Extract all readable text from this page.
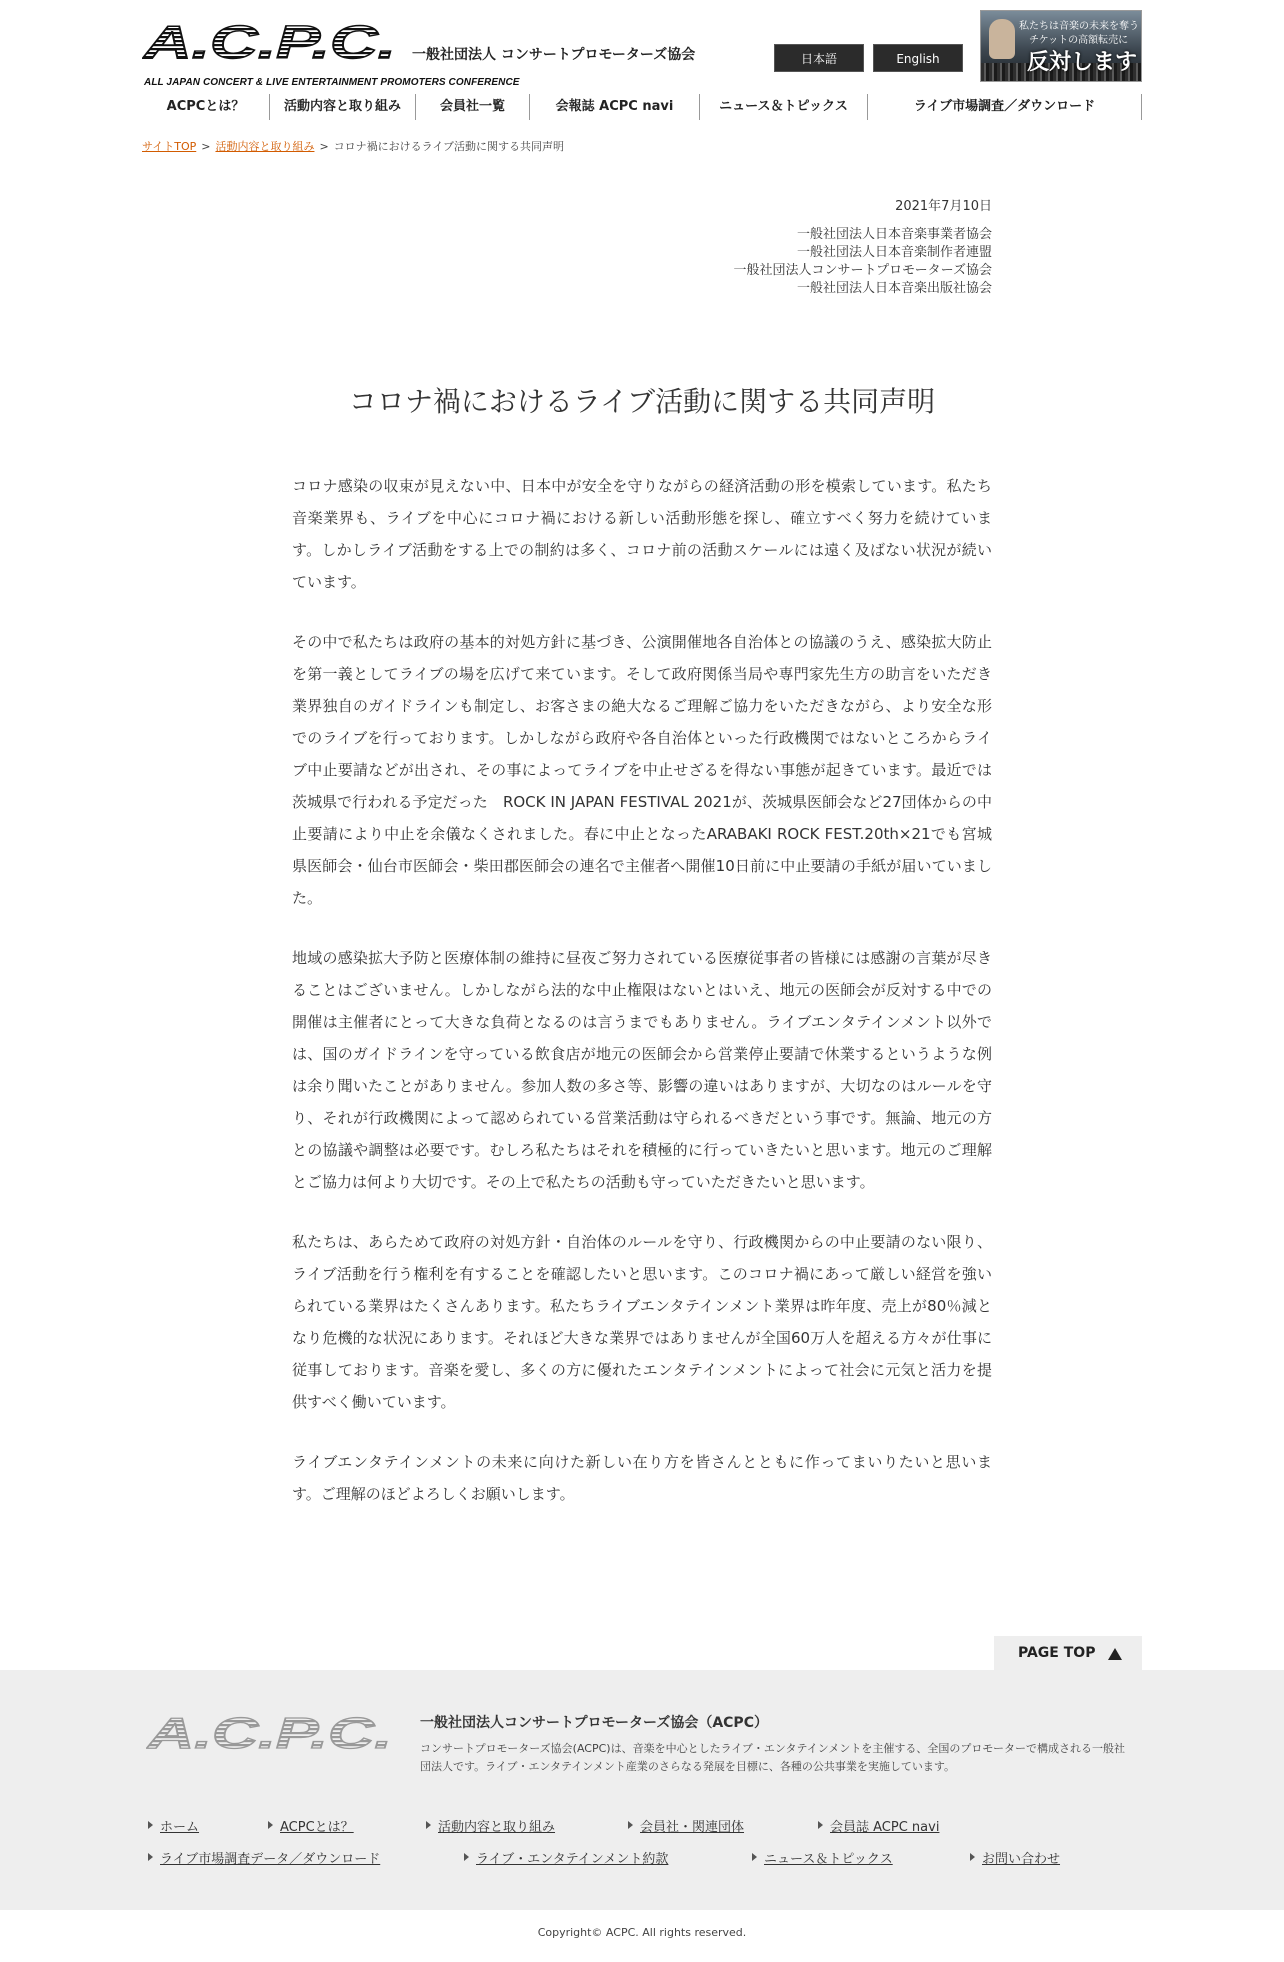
A.C.P.C.
ALL JAPAN CONCERT & LIVE ENTERTAINMENT PROMOTERS CONFERENCE
一般社団法人 コンサートプロモーターズ協会	日本語	English
私たちは音楽の未来を奪う
チケットの高額転売に
反対します
ACPCとは？	活動内容と取り組み	会員社一覧	会報誌 ACPC navi	ニュース＆トピックス	ライブ市場調査／ダウンロード
サイトTOP > 活動内容と取り組み > コロナ禍におけるライブ活動に関する共同声明
2021年7月10日
一般社団法人日本音楽事業者協会
一般社団法人日本音楽制作者連盟
一般社団法人コンサートプロモーターズ協会
一般社団法人日本音楽出版社協会
コロナ禍におけるライブ活動に関する共同声明

コロナ感染の収束が見えない中、日本中が安全を守りながらの経済活動の形を模索しています。私たち音楽業界も、ライブを中心にコロナ禍における新しい活動形態を探し、確立すべく努力を続けています。しかしライブ活動をする上での制約は多く、コロナ前の活動スケールには遠く及ばない状況が続いています。

その中で私たちは政府の基本的対処方針に基づき、公演開催地各自治体との協議のうえ、感染拡大防止を第一義としてライブの場を広げて来ています。そして政府関係当局や専門家先生方の助言をいただき業界独自のガイドラインも制定し、お客さまの絶大なるご理解ご協力をいただきながら、より安全な形でのライブを行っております。しかしながら政府や各自治体といった行政機関ではないところからライブ中止要請などが出され、その事によってライブを中止せざるを得ない事態が起きています。最近では茨城県で行われる予定だった　ROCK IN JAPAN FESTIVAL 2021が、茨城県医師会など27団体からの中止要請により中止を余儀なくされました。春に中止となったARABAKI ROCK FEST.20th×21でも宮城県医師会・仙台市医師会・柴田郡医師会の連名で主催者へ開催10日前に中止要請の手紙が届いていました。

地域の感染拡大予防と医療体制の維持に昼夜ご努力されている医療従事者の皆様には感謝の言葉が尽きることはございません。しかしながら法的な中止権限はないとはいえ、地元の医師会が反対する中での開催は主催者にとって大きな負荷となるのは言うまでもありません。ライブエンタテインメント以外では、国のガイドラインを守っている飲食店が地元の医師会から営業停止要請で休業するというような例は余り聞いたことがありません。参加人数の多さ等、影響の違いはありますが、大切なのはルールを守り、それが行政機関によって認められている営業活動は守られるべきだという事です。無論、地元の方との協議や調整は必要です。むしろ私たちはそれを積極的に行っていきたいと思います。地元のご理解とご協力は何より大切です。その上で私たちの活動も守っていただきたいと思います。

私たちは、あらためて政府の対処方針・自治体のルールを守り、行政機関からの中止要請のない限り、ライブ活動を行う権利を有することを確認したいと思います。このコロナ禍にあって厳しい経営を強いられている業界はたくさんあります。私たちライブエンタテインメント業界は昨年度、売上が80％減となり危機的な状況にあります。それほど大きな業界ではありませんが全国60万人を超える方々が仕事に従事しております。音楽を愛し、多くの方に優れたエンタテインメントによって社会に元気と活力を提供すべく働いています。

ライブエンタテインメントの未来に向けた新しい在り方を皆さんとともに作ってまいりたいと思います。ご理解のほどよろしくお願いします。

PAGE TOP
A.C.P.C. 一般社団法人コンサートプロモーターズ協会（ACPC）
コンサートプロモーターズ協会(ACPC)は、音楽を中心としたライブ・エンタテインメントを主催する、全国のプロモーターで構成される一般社団法人です。ライブ・エンタテインメント産業のさらなる発展を目標に、各種の公共事業を実施しています。
ホーム	ACPCとは？	活動内容と取り組み	会員社・関連団体	会員誌 ACPC navi
ライブ市場調査データ／ダウンロード	ライブ・エンタテインメント約款	ニュース＆トピックス	お問い合わせ
Copyright© ACPC. All rights reserved.
